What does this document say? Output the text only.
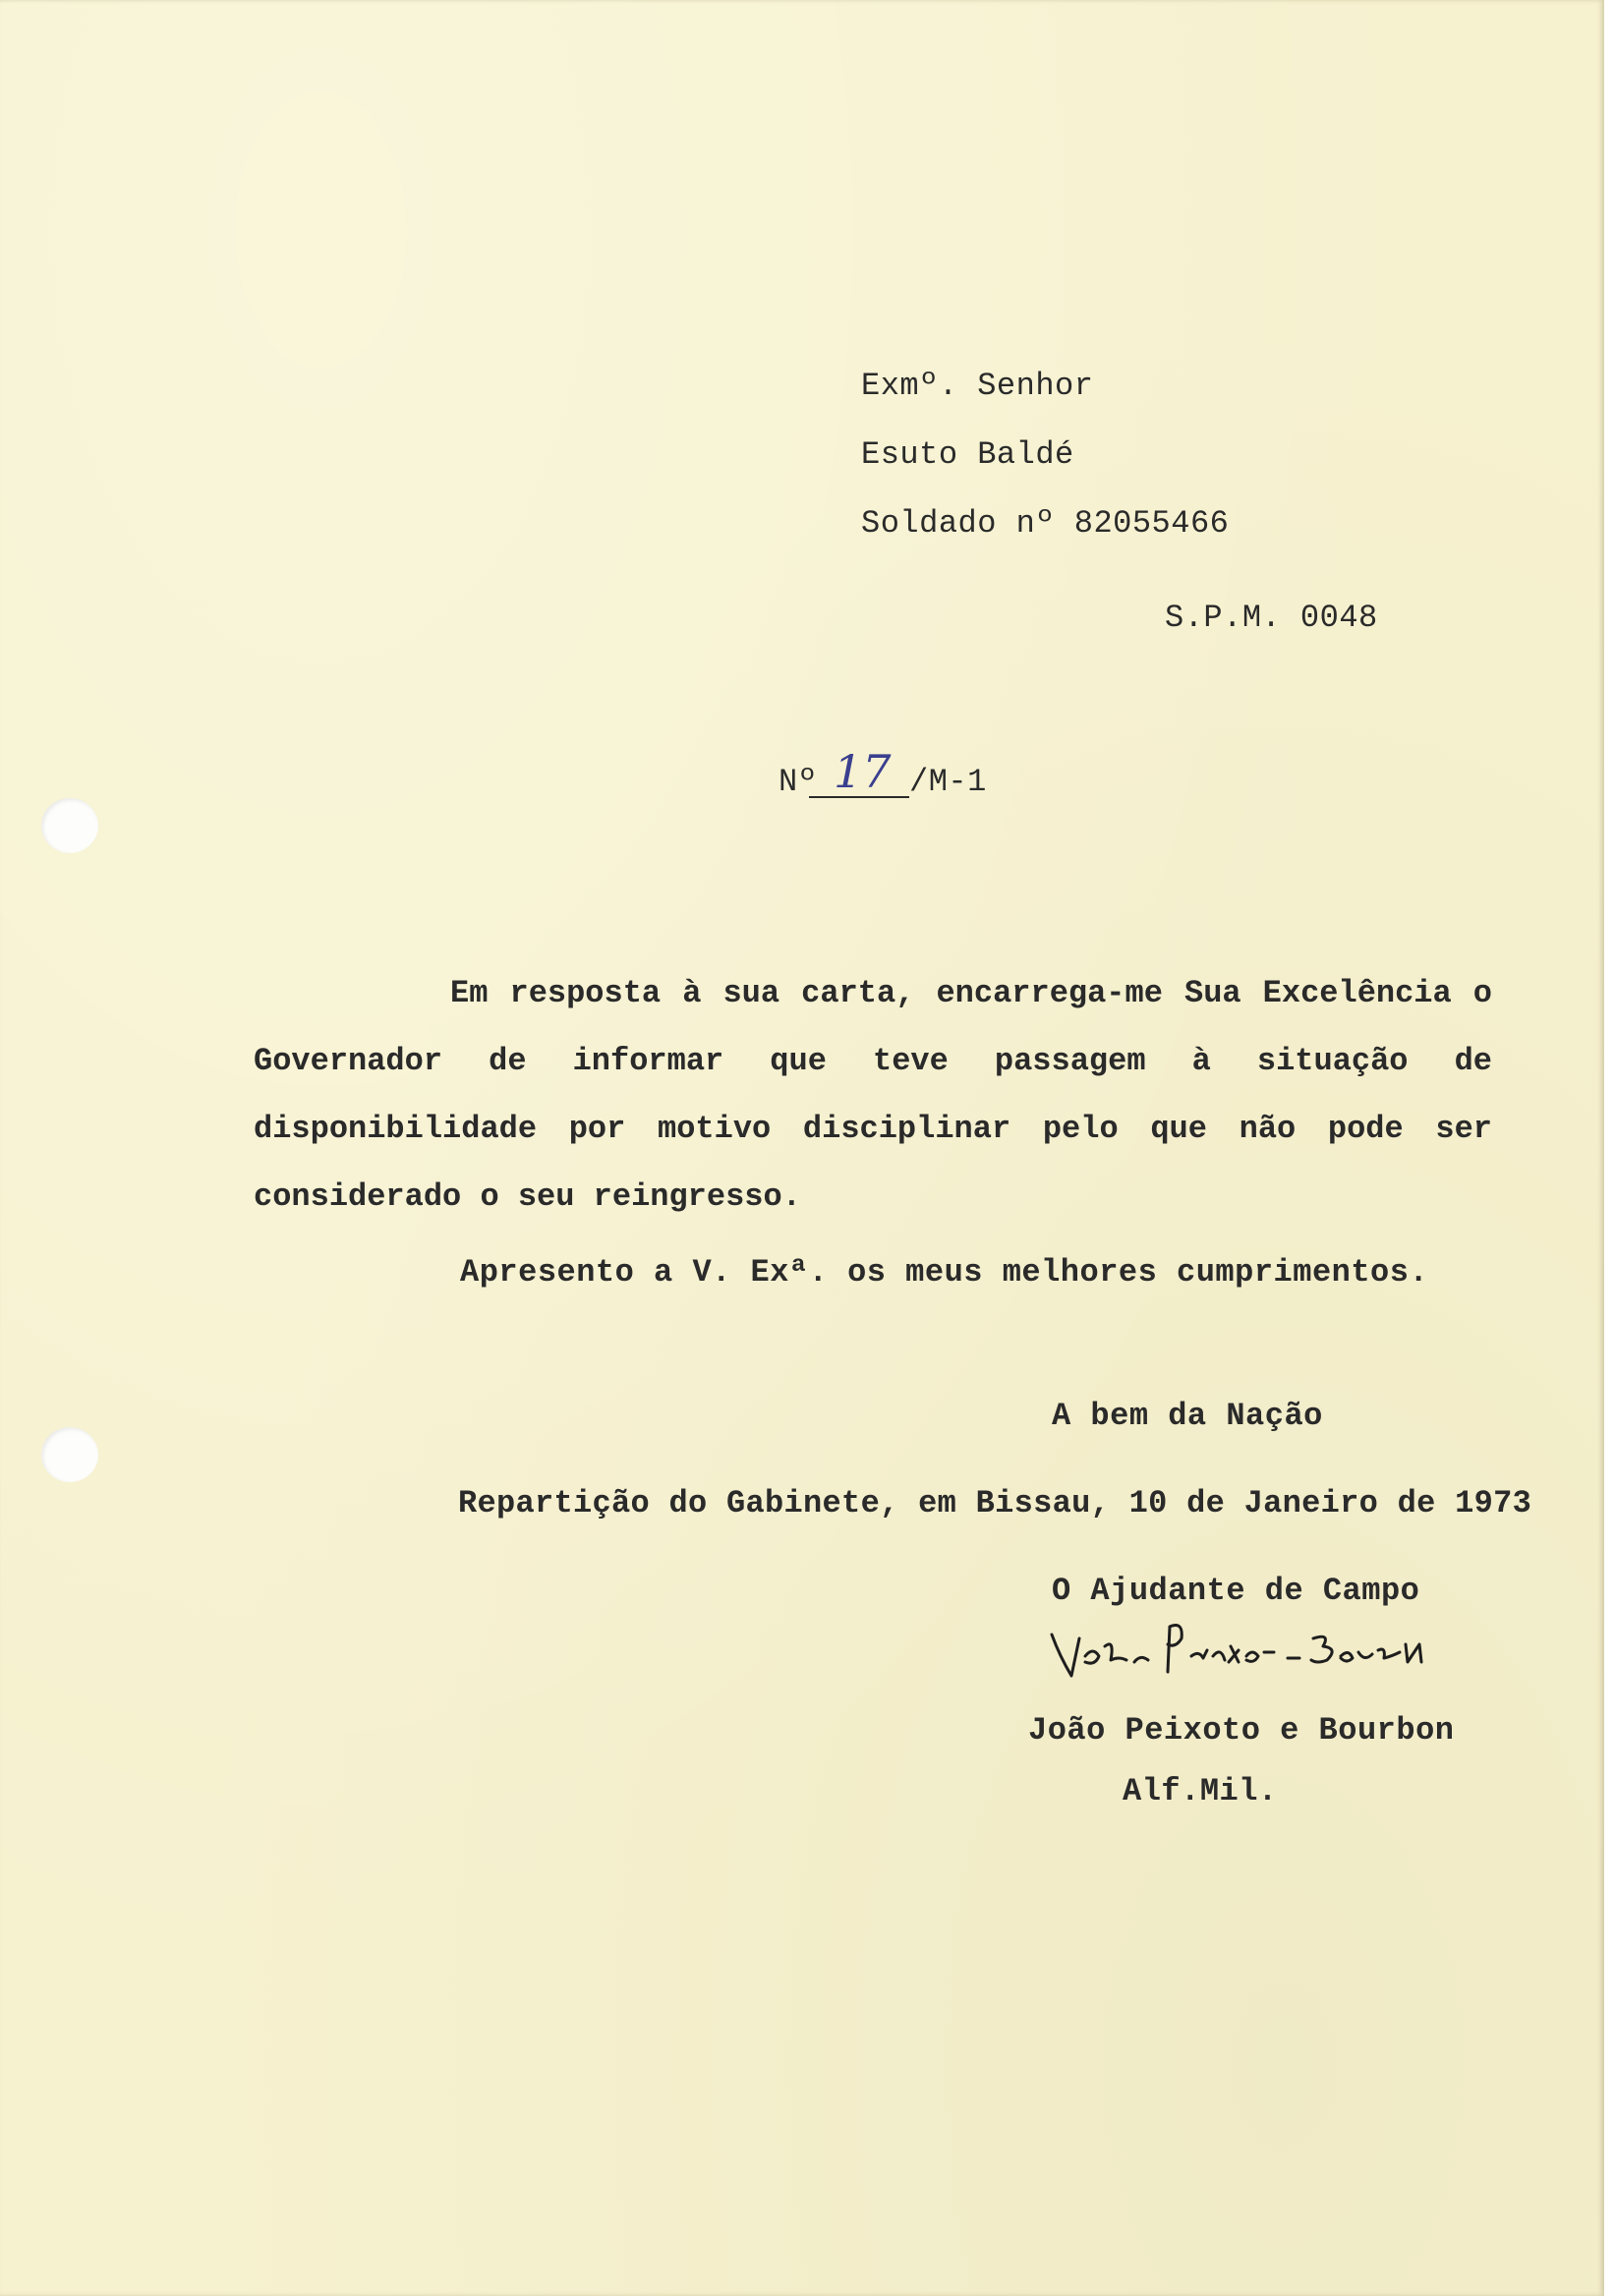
Exmº. Senhor
Esuto Baldé
Soldado nº 82055466
S.P.M. 0048
Nº 17 /M-1

Em resposta à sua carta, encarrega-me Sua Excelência o Governador de informar que teve passagem à situação de disponibilidade por motivo disciplinar pelo que não pode ser considerado o seu reingresso.

Apresento a V. Exª. os meus melhores cumprimentos.
A bem da Nação
Repartição do Gabinete, em Bissau, 10 de Janeiro de 1973
O Ajudante de Campo
João Peixoto e Bourbon
Alf.Mil.
